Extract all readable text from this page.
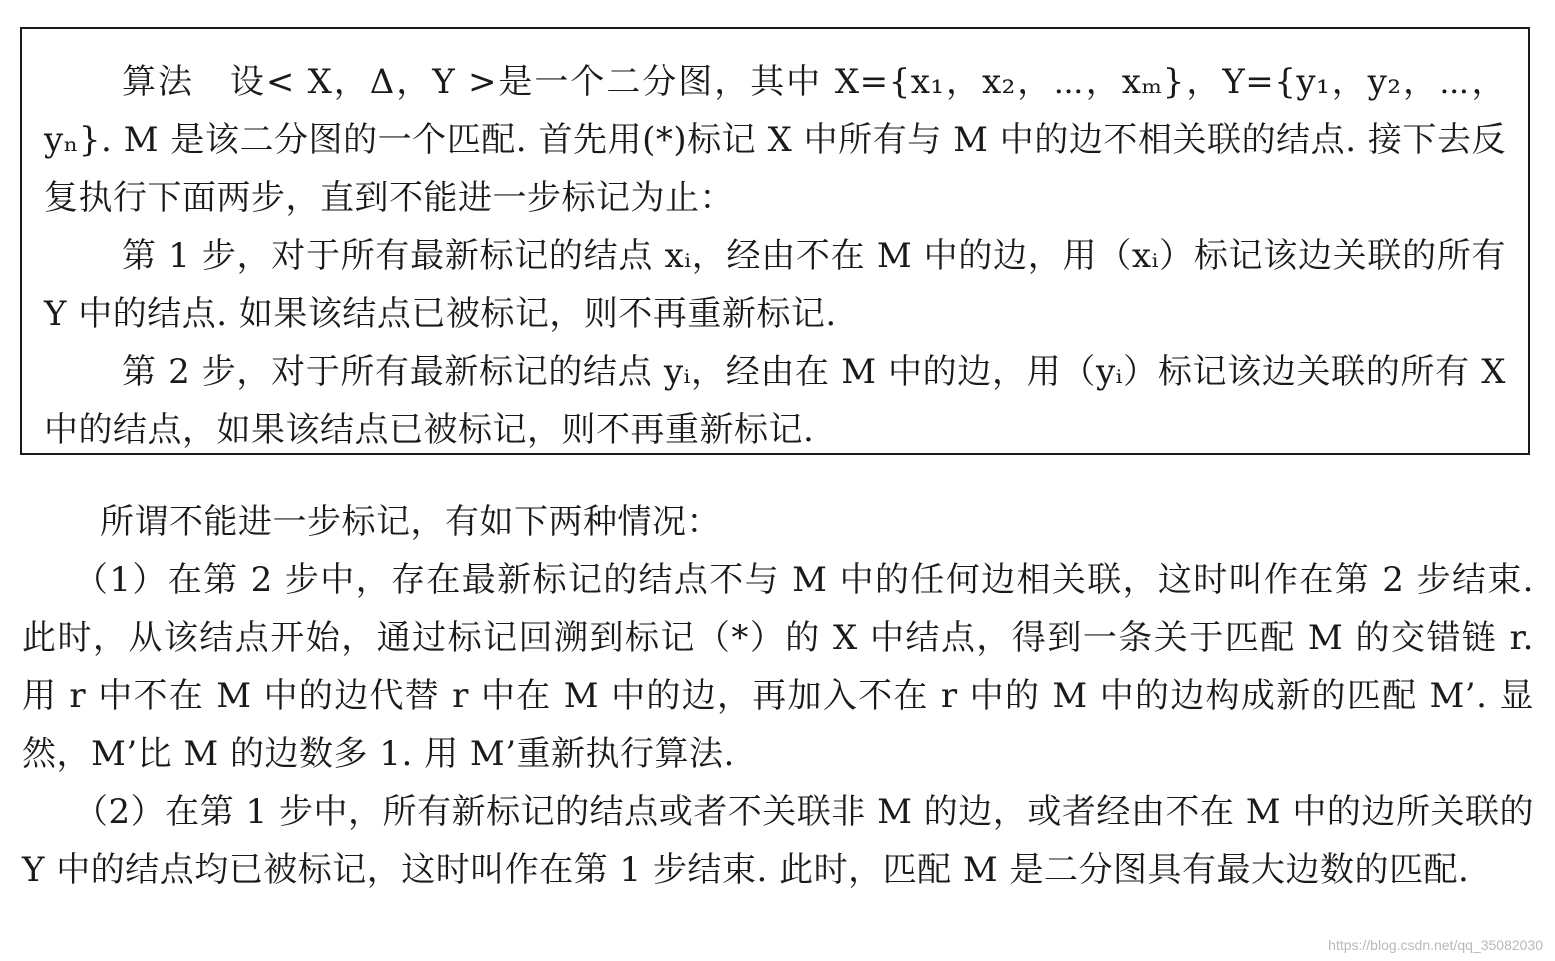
算法　设< X，Δ，Y >是一个二分图，其中 X={x₁，x₂，⋯，xₘ}，Y={y₁，y₂，⋯，yₙ}. M 是该二分图的一个匹配. 首先用(*)标记 X 中所有与 M 中的边不相关联的结点. 接下去反复执行下面两步，直到不能进一步标记为止：

第 1 步，对于所有最新标记的结点 xᵢ，经由不在 M 中的边，用（xᵢ）标记该边关联的所有 Y 中的结点. 如果该结点已被标记，则不再重新标记.

第 2 步，对于所有最新标记的结点 yᵢ，经由在 M 中的边，用（yᵢ）标记该边关联的所有 X 中的结点，如果该结点已被标记，则不再重新标记.

所谓不能进一步标记，有如下两种情况：

（1）在第 2 步中，存在最新标记的结点不与 M 中的任何边相关联，这时叫作在第 2 步结束. 此时，从该结点开始，通过标记回溯到标记（*）的 X 中结点，得到一条关于匹配 M 的交错链 r. 用 r 中不在 M 中的边代替 r 中在 M 中的边，再加入不在 r 中的 M 中的边构成新的匹配 M’. 显然，M’比 M 的边数多 1. 用 M’重新执行算法.

（2）在第 1 步中，所有新标记的结点或者不关联非 M 的边，或者经由不在 M 中的边所关联的 Y 中的结点均已被标记，这时叫作在第 1 步结束. 此时，匹配 M 是二分图具有最大边数的匹配.

https://blog.csdn.net/qq_35082030
